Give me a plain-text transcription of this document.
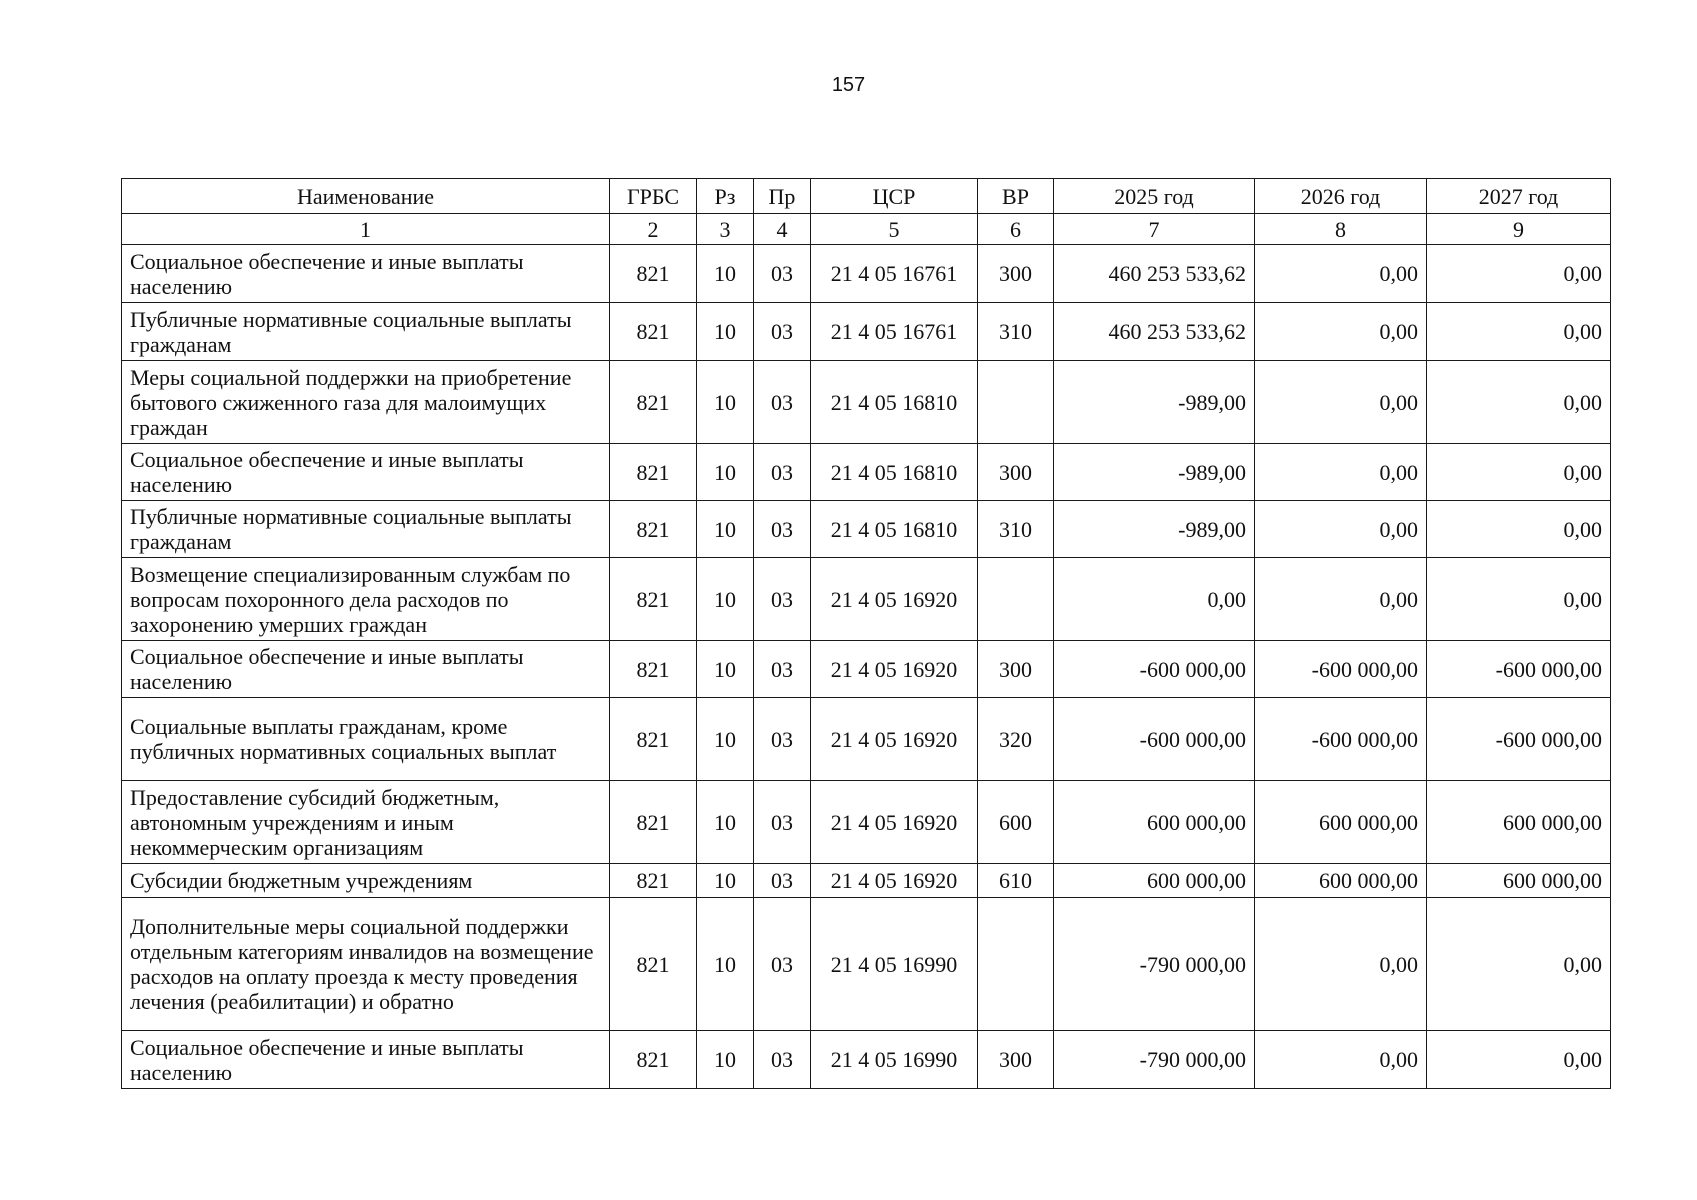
157
Наименование	ГРБС	Рз	Пр	ЦСР	ВР	2025 год	2026 год	2027 год
1	2	3	4	5	6	7	8	9
Социальное обеспечение и иные выплаты населению	821	10	03	21 4 05 16761	300	460 253 533,62	0,00	0,00
Публичные нормативные социальные выплаты гражданам	821	10	03	21 4 05 16761	310	460 253 533,62	0,00	0,00
Меры социальной поддержки на приобретение бытового сжиженного газа для малоимущих граждан	821	10	03	21 4 05 16810		-989,00	0,00	0,00
Социальное обеспечение и иные выплаты населению	821	10	03	21 4 05 16810	300	-989,00	0,00	0,00
Публичные нормативные социальные выплаты гражданам	821	10	03	21 4 05 16810	310	-989,00	0,00	0,00
Возмещение специализированным службам по вопросам похоронного дела расходов по захоронению умерших граждан	821	10	03	21 4 05 16920		0,00	0,00	0,00
Социальное обеспечение и иные выплаты населению	821	10	03	21 4 05 16920	300	-600 000,00	-600 000,00	-600 000,00
Социальные выплаты гражданам, кроме публичных нормативных социальных выплат	821	10	03	21 4 05 16920	320	-600 000,00	-600 000,00	-600 000,00
Предоставление субсидий бюджетным, автономным учреждениям и иным некоммерческим организациям	821	10	03	21 4 05 16920	600	600 000,00	600 000,00	600 000,00
Субсидии бюджетным учреждениям	821	10	03	21 4 05 16920	610	600 000,00	600 000,00	600 000,00
Дополнительные меры социальной поддержки отдельным категориям инвалидов на возмещение расходов на оплату проезда к месту проведения лечения (реабилитации) и обратно	821	10	03	21 4 05 16990		-790 000,00	0,00	0,00
Социальное обеспечение и иные выплаты населению	821	10	03	21 4 05 16990	300	-790 000,00	0,00	0,00
